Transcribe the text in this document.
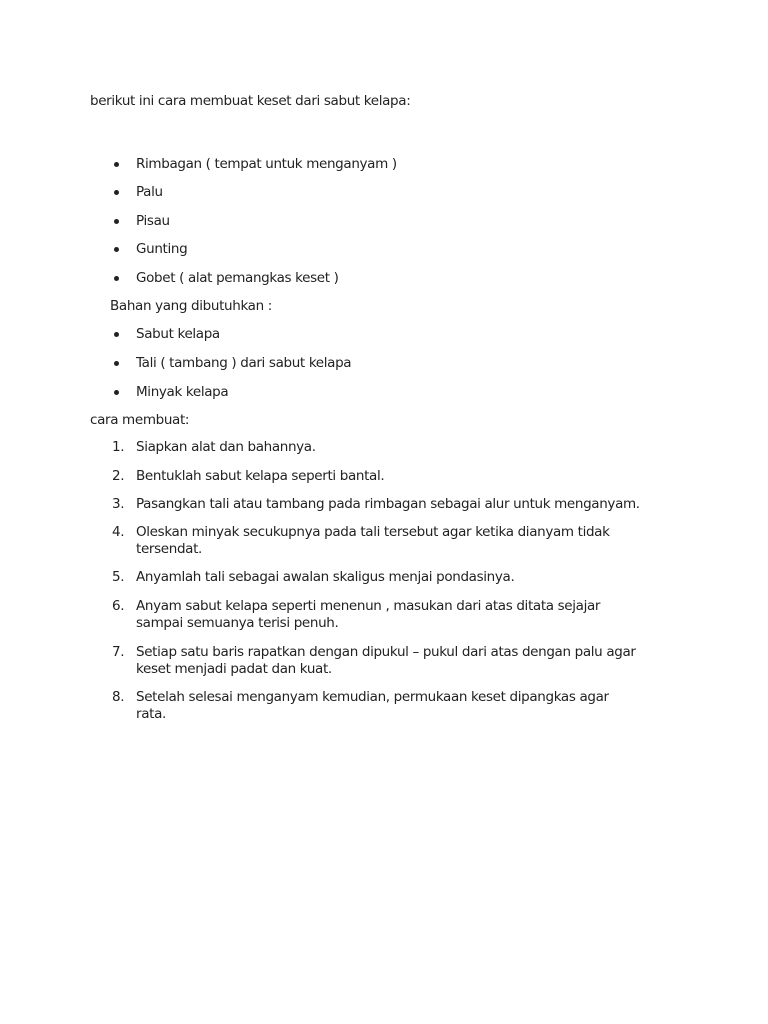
berikut ini cara membuat keset dari sabut kelapa:
Rimbagan ( tempat untuk menganyam )
Palu
Pisau
Gunting
Gobet ( alat pemangkas keset )
Bahan yang dibutuhkan :
Sabut kelapa
Tali ( tambang ) dari sabut kelapa
Minyak kelapa
cara membuat:
1. Siapkan alat dan bahannya.
2. Bentuklah sabut kelapa seperti bantal.
3. Pasangkan tali atau tambang pada rimbagan sebagai alur untuk menganyam.
4. Oleskan minyak secukupnya pada tali tersebut agar ketika dianyam tidak
tersendat.
5. Anyamlah tali sebagai awalan skaligus menjai pondasinya.
6. Anyam sabut kelapa seperti menenun , masukan dari atas ditata sejajar
sampai semuanya terisi penuh.
7. Setiap satu baris rapatkan dengan dipukul – pukul dari atas dengan palu agar
keset menjadi padat dan kuat.
8. Setelah selesai menganyam kemudian, permukaan keset dipangkas agar
rata.
